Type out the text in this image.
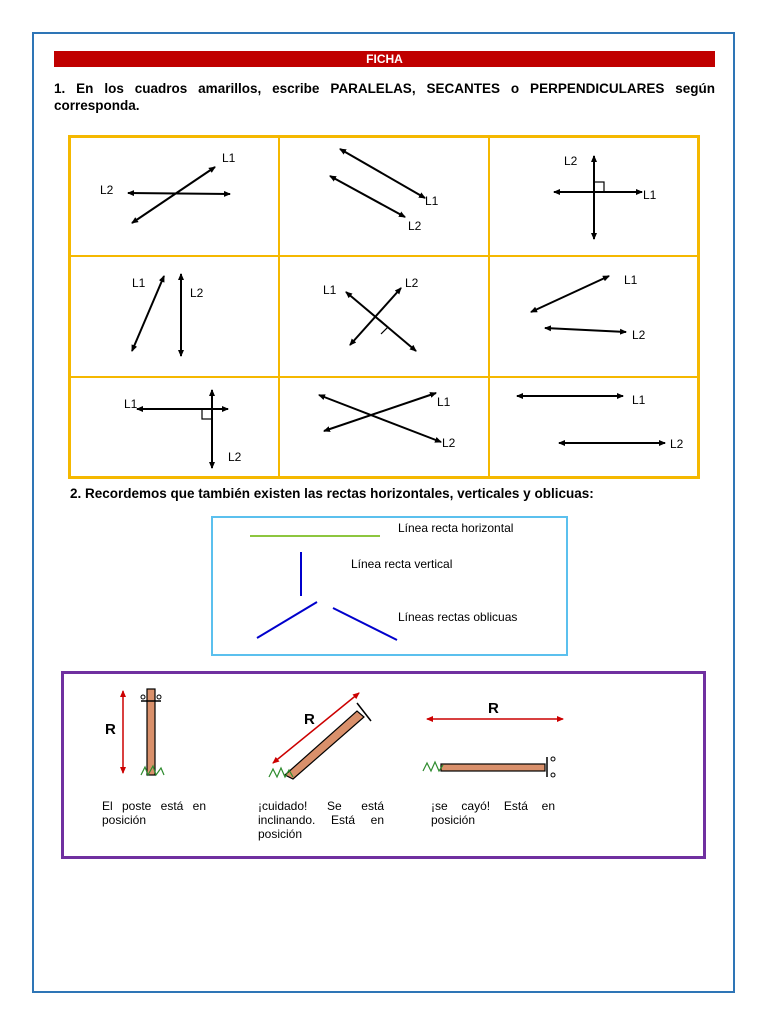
FICHA
1. En los cuadros amarillos, escribe PARALELAS, SECANTES o PERPENDICULARES según corresponda.
L1
L2
L1
L2
L2
L1
L1
L2	L1	L2	L1
L2
L1
L2
L1
L2
L1
L2
2. Recordemos que también existen las rectas horizontales, verticales y oblicuas:
Línea recta horizontal
Línea recta vertical
Líneas rectas oblicuas
R
R
R
El poste está en posición
¡cuidado! Se está inclinando. Está en posición
¡se cayó! Está en posición
